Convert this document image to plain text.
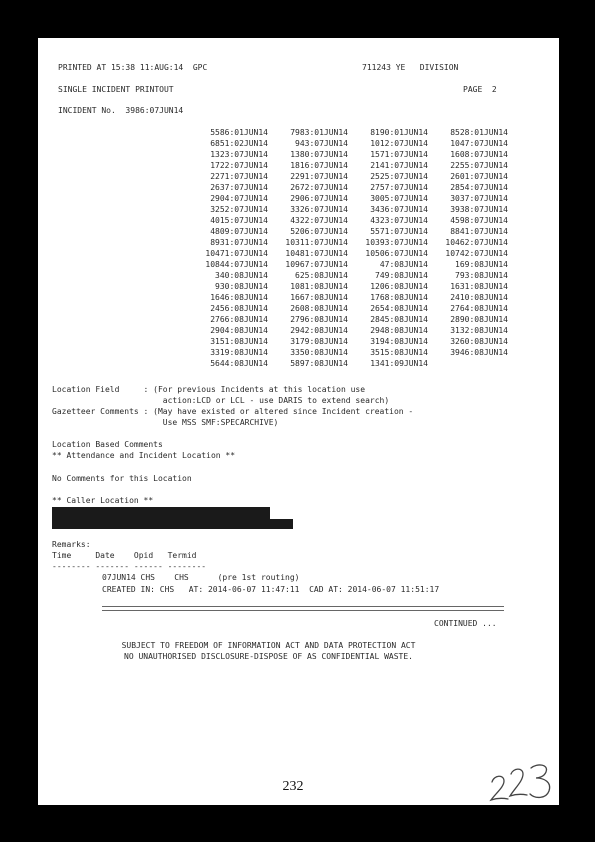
PRINTED AT 15:38 11:AUG:14  GPC	711243 YE   DIVISION
SINGLE INCIDENT PRINTOUT	PAGE  2
INCIDENT No.  3986:07JUN14
5586:01JUN14	7983:01JUN14	8190:01JUN14	8528:01JUN14
6851:02JUN14	943:07JUN14	1012:07JUN14	1047:07JUN14
1323:07JUN14	1380:07JUN14	1571:07JUN14	1608:07JUN14
1722:07JUN14	1816:07JUN14	2141:07JUN14	2255:07JUN14
2271:07JUN14	2291:07JUN14	2525:07JUN14	2601:07JUN14
2637:07JUN14	2672:07JUN14	2757:07JUN14	2854:07JUN14
2904:07JUN14	2906:07JUN14	3005:07JUN14	3037:07JUN14
3252:07JUN14	3326:07JUN14	3436:07JUN14	3938:07JUN14
4015:07JUN14	4322:07JUN14	4323:07JUN14	4598:07JUN14
4809:07JUN14	5206:07JUN14	5571:07JUN14	8841:07JUN14
8931:07JUN14	10311:07JUN14	10393:07JUN14	10462:07JUN14
10471:07JUN14	10481:07JUN14	10506:07JUN14	10742:07JUN14
10844:07JUN14	10967:07JUN14	47:08JUN14	169:08JUN14
340:08JUN14	625:08JUN14	749:08JUN14	793:08JUN14
930:08JUN14	1081:08JUN14	1206:08JUN14	1631:08JUN14
1646:08JUN14	1667:08JUN14	1768:08JUN14	2410:08JUN14
2456:08JUN14	2608:08JUN14	2654:08JUN14	2764:08JUN14
2766:08JUN14	2796:08JUN14	2845:08JUN14	2890:08JUN14
2904:08JUN14	2942:08JUN14	2948:08JUN14	3132:08JUN14
3151:08JUN14	3179:08JUN14	3194:08JUN14	3260:08JUN14
3319:08JUN14	3350:08JUN14	3515:08JUN14	3946:08JUN14
5644:08JUN14	5897:08JUN14	1341:09JUN14
Location Field     : (For previous Incidents at this location use
action:LCD or LCL - use DARIS to extend search)
Gazetteer Comments : (May have existed or altered since Incident creation -
Use MSS SMF:SPECARCHIVE)
Location Based Comments
** Attendance and Incident Location **
No Comments for this Location
** Caller Location **
Remarks:
Time     Date    Opid   Termid
-------- ------- ------ --------
07JUN14 CHS    CHS      (pre 1st routing)
CREATED IN: CHS   AT: 2014-06-07 11:47:11  CAD AT: 2014-06-07 11:51:17
CONTINUED ...
SUBJECT TO FREEDOM OF INFORMATION ACT AND DATA PROTECTION ACT
NO UNAUTHORISED DISCLOSURE-DISPOSE OF AS CONFIDENTIAL WASTE.
232
